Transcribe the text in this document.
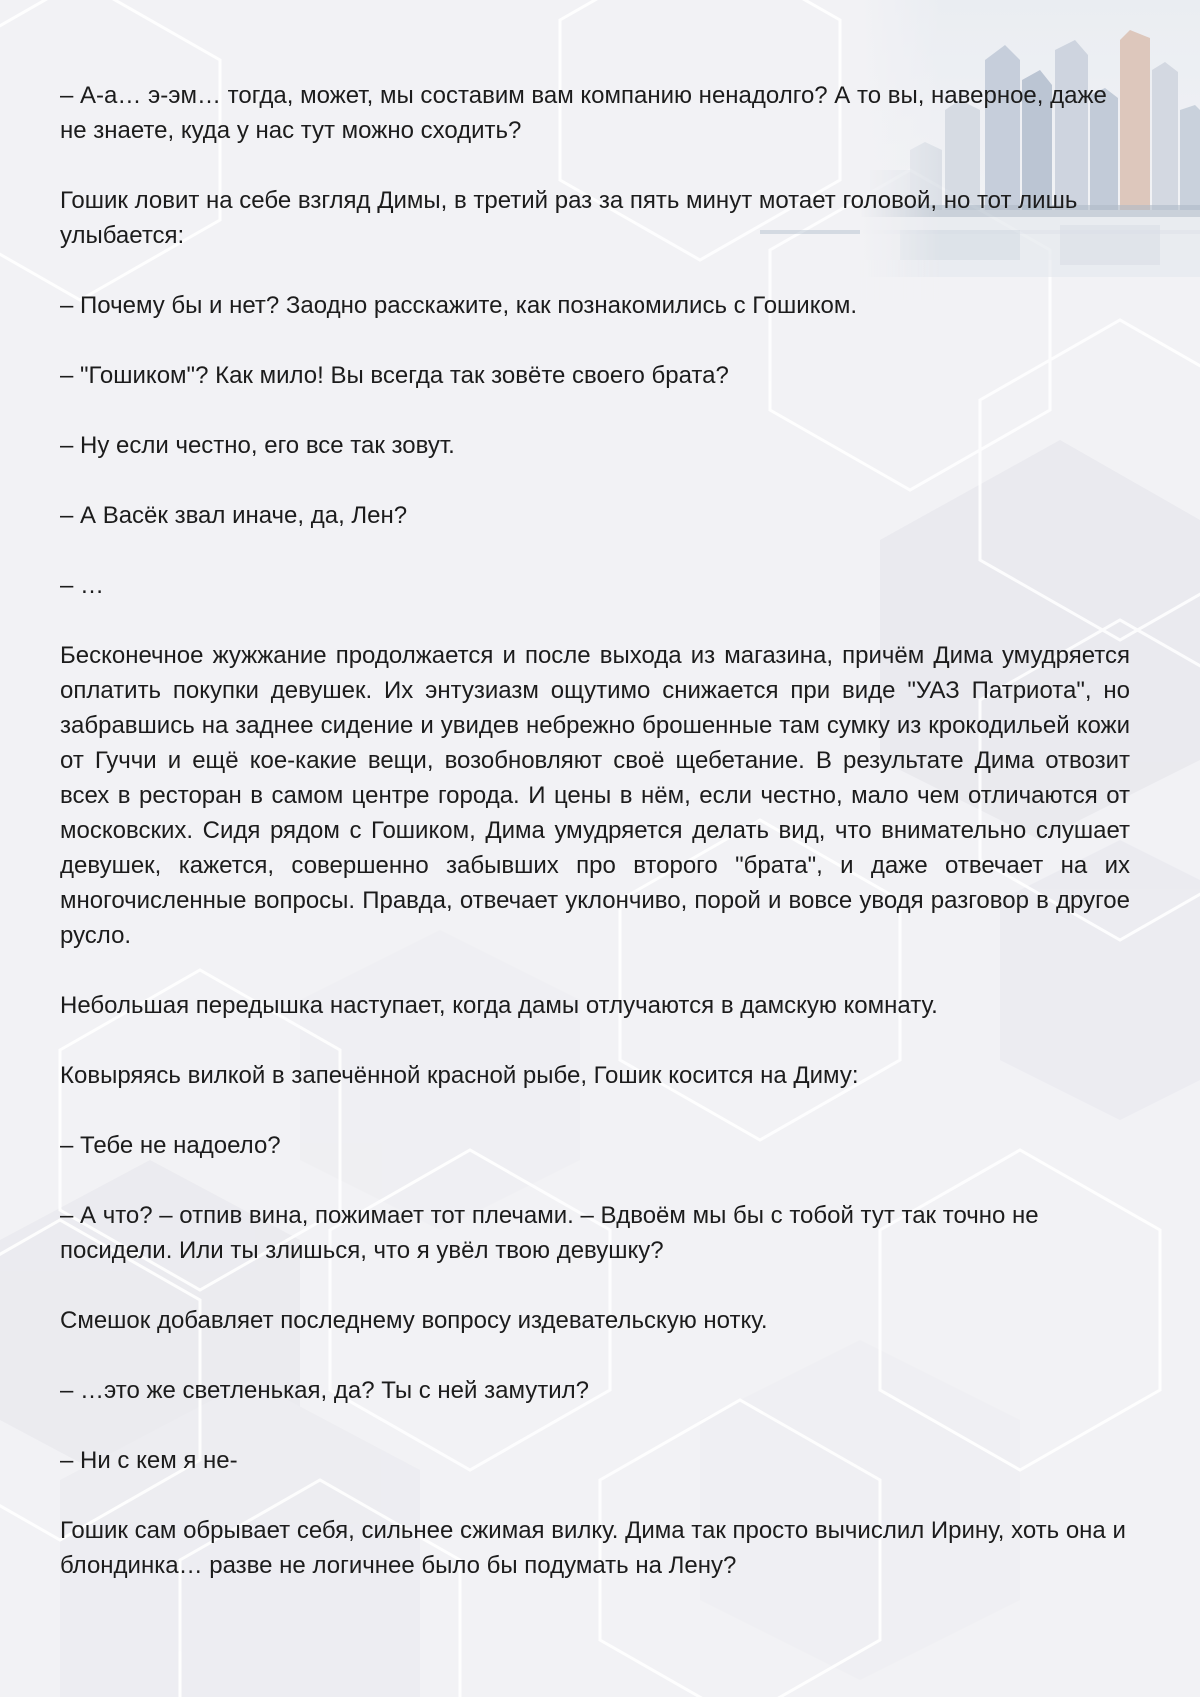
– А-а… э-эм… тогда, может, мы составим вам компанию ненадолго? А то вы, наверное, даже не знаете, куда у нас тут можно сходить?

Гошик ловит на себе взгляд Димы, в третий раз за пять минут мотает головой, но тот лишь улыбается:

– Почему бы и нет? Заодно расскажите, как познакомились с Гошиком.

– "Гошиком"? Как мило! Вы всегда так зовёте своего брата?

– Ну если честно, его все так зовут.

– А Васёк звал иначе, да, Лен?

– …

Бесконечное жужжание продолжается и после выхода из магазина, причём Дима умудряется оплатить покупки девушек. Их энтузиазм ощутимо снижается при виде "УАЗ Патриота", но забравшись на заднее сидение и увидев небрежно брошенные там сумку из крокодильей кожи от Гуччи и ещё кое-какие вещи, возобновляют своё щебетание. В результате Дима отвозит всех в ресторан в самом центре города. И цены в нём, если честно, мало чем отличаются от московских. Сидя рядом с Гошиком, Дима умудряется делать вид, что внимательно слушает девушек, кажется, совершенно забывших про второго "брата", и даже отвечает на их многочисленные вопросы. Правда, отвечает уклончиво, порой и вовсе уводя разговор в другое русло.

Небольшая передышка наступает, когда дамы отлучаются в дамскую комнату.

Ковыряясь вилкой в запечённой красной рыбе, Гошик косится на Диму:

– Тебе не надоело?

– А что? – отпив вина, пожимает тот плечами. – Вдвоём мы бы с тобой тут так точно не посидели. Или ты злишься, что я увёл твою девушку?

Смешок добавляет последнему вопросу издевательскую нотку.

– …это же светленькая, да? Ты с ней замутил?

– Ни с кем я не-

Гошик сам обрывает себя, сильнее сжимая вилку. Дима так просто вычислил Ирину, хоть она и блондинка… разве не логичнее было бы подумать на Лену?
